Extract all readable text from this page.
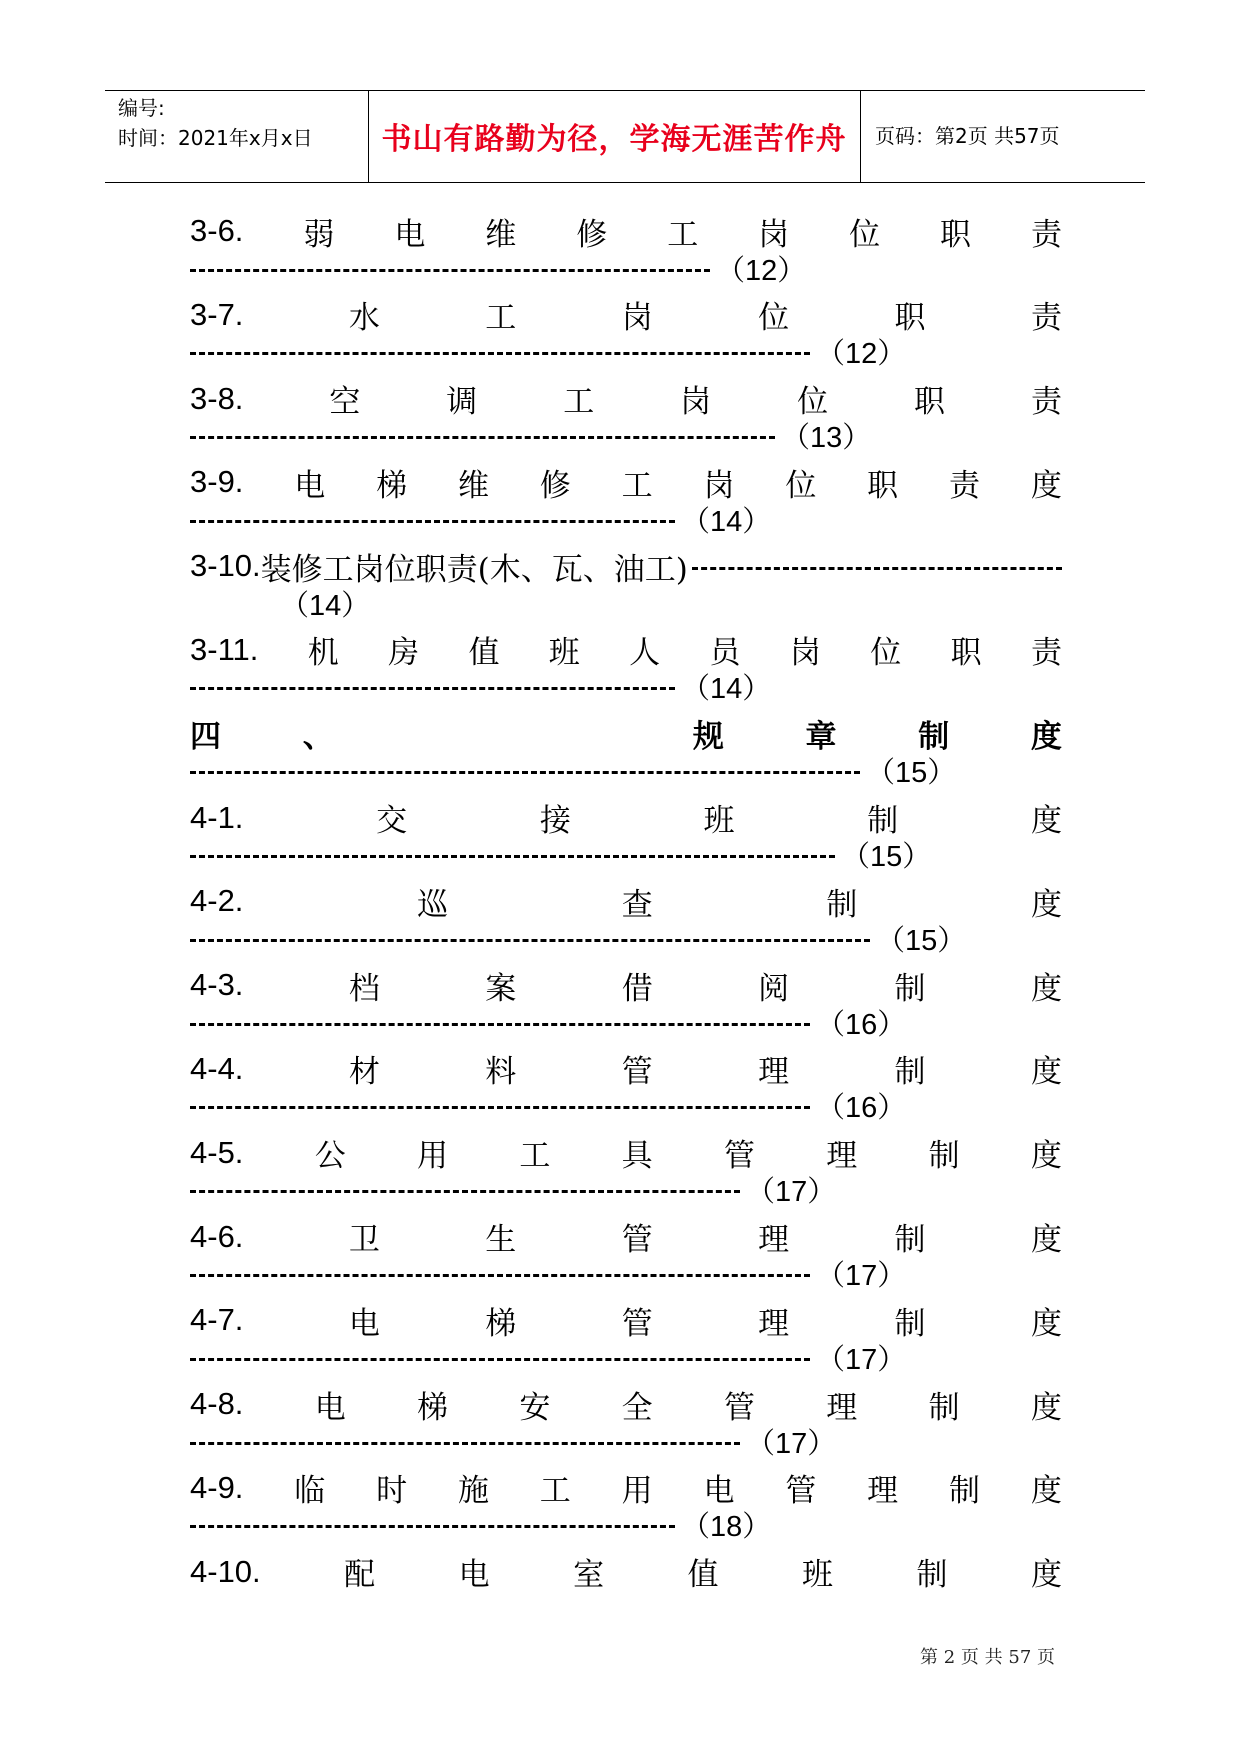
编号:
时间：2021年x月x日	书山有路勤为径，学海无涯苦作舟	页码：第2页 共57页
3-6. 弱 电 维 修 工 岗 位 职 责
（12）
3-7.	水	工	岗	位	职	责
（12）
3-8.	空	调	工	岗	位	职	责
（13）
3-9. 电 梯 维 修 工 岗 位 职 责 度
（14）
3-10. 装修工岗位职责(木、瓦、油工)
（14）
3-11. 机 房 值 班 人 员 岗 位 职 责
（14）
四	、

	规	章	制	度
（15）
4-1.	交	接	班	制	度
（15）
4-2.	巡	查	制	度
（15）
4-3.	档	案	借	阅	制	度
（16）
4-4.	材	料	管	理	制	度
（16）
4-5. 公 用 工 具 管 理 制 度
（17）
4-6.	卫	生	管	理	制	度
（17）
4-7.	电	梯	管	理	制	度
（17）
4-8. 电 梯 安 全 管 理 制 度
（17）
4-9. 临 时 施 工 用 电 管 理 制 度
（18）
4-10.	配	电	室	值	班	制	度
第 2 页 共 57 页
